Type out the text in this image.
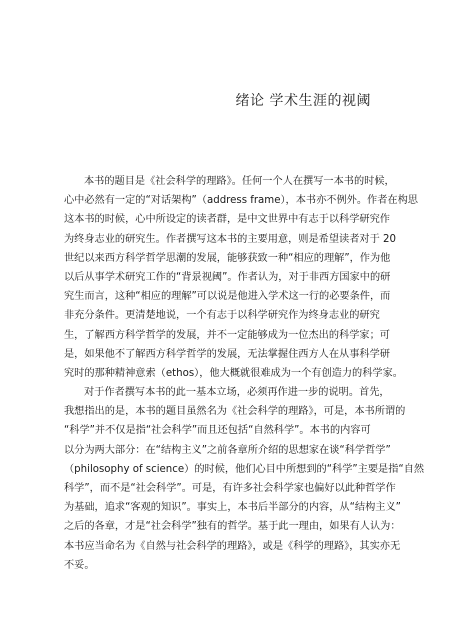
绪论 学术生涯的视阈
本书的题目是《社会科学的理路》。任何一个人在撰写一本书的时候，
心中必然有一定的“对话架构”（address frame），本书亦不例外。作者在构思
这本书的时候，心中所设定的读者群，是中文世界中有志于以科学研究作
为终身志业的研究生。作者撰写这本书的主要用意，则是希望读者对于 20
世纪以来西方科学哲学思潮的发展，能够获致一种“相应的理解”，作为他
以后从事学术研究工作的“背景视阈”。作者认为，对于非西方国家中的研
究生而言，这种“相应的理解”可以说是他进入学术这一行的必要条件，而
非充分条件。更清楚地说，一个有志于以科学研究作为终身志业的研究
生，了解西方科学哲学的发展，并不一定能够成为一位杰出的科学家；可
是，如果他不了解西方科学哲学的发展，无法掌握住西方人在从事科学研
究时的那种精神意索（ethos），他大概就很难成为一个有创造力的科学家。
对于作者撰写本书的此一基本立场，必须再作进一步的说明。首先，
我想指出的是，本书的题目虽然名为《社会科学的理路》，可是，本书所谓的
“科学”并不仅是指“社会科学”而且还包括“自然科学”。本书的内容可
以分为两大部分：在“结构主义”之前各章所介绍的思想家在谈“科学哲学”
（philosophy of science）的时候，他们心目中所想到的“科学”主要是指“自然
科学”，而不是“社会科学”。可是，有许多社会科学家也偏好以此种哲学作
为基础，追求“客观的知识”。事实上，本书后半部分的内容，从“结构主义”
之后的各章，才是“社会科学”独有的哲学。基于此一理由，如果有人认为：
本书应当命名为《自然与社会科学的理路》，或是《科学的理路》，其实亦无
不妥。
